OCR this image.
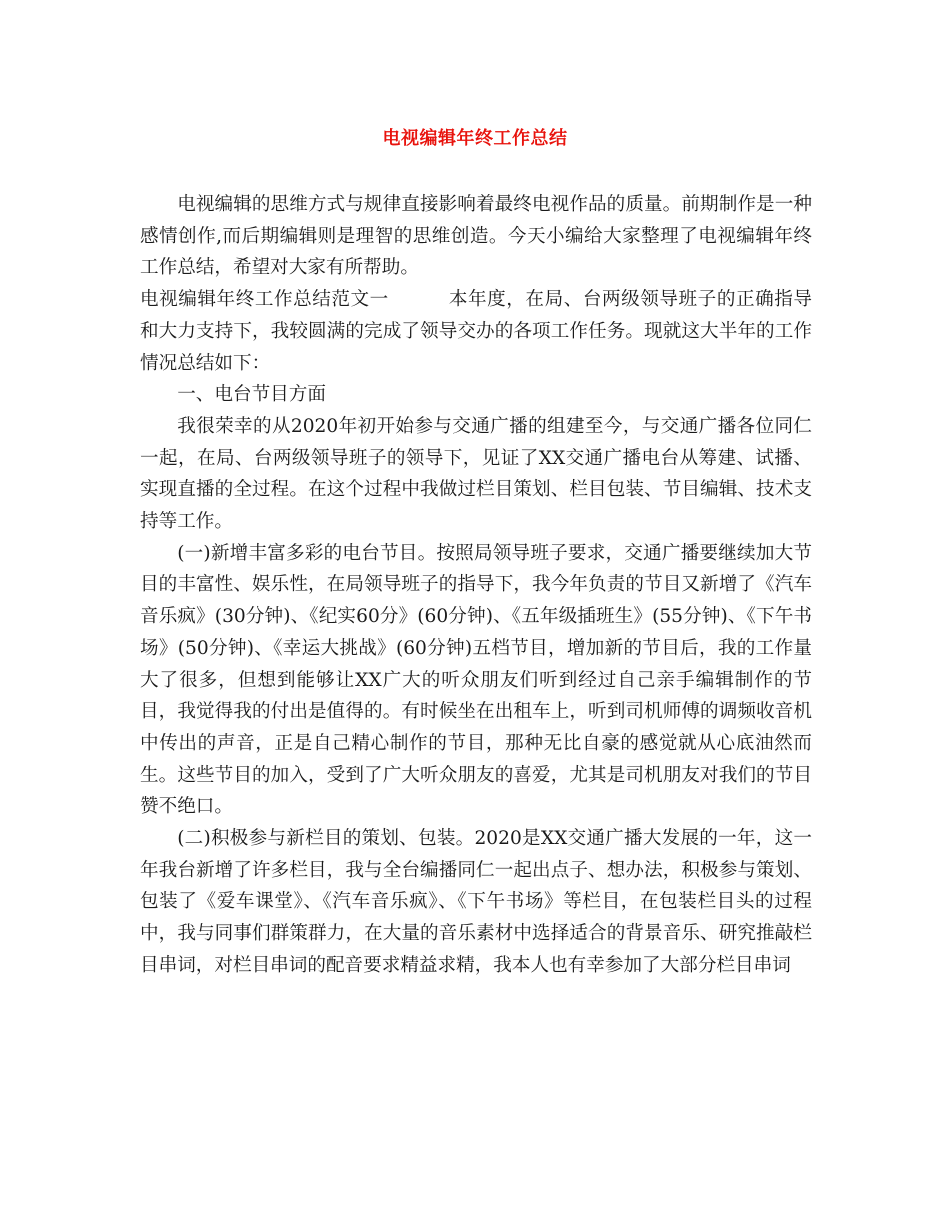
电视编辑年终工作总结

电视编辑的思维方式与规律直接影响着最终电视作品的质量。前期制作是一种感情创作,而后期编辑则是理智的思维创造。今天小编给大家整理了电视编辑年终工作总结，希望对大家有所帮助。

电视编辑年终工作总结范文一	本年度，在局、台两级领导班子的正确指导和大力支持下，我较圆满的完成了领导交办的各项工作任务。现就这大半年的工作情况总结如下：

一、电台节目方面

我很荣幸的从2020年初开始参与交通广播的组建至今，与交通广播各位同仁一起，在局、台两级领导班子的领导下，见证了XX交通广播电台从筹建、试播、实现直播的全过程。在这个过程中我做过栏目策划、栏目包装、节目编辑、技术支持等工作。

(一)新增丰富多彩的电台节目。按照局领导班子要求，交通广播要继续加大节目的丰富性、娱乐性，在局领导班子的指导下，我今年负责的节目又新增了《汽车音乐疯》(30分钟)、《纪实60分》(60分钟)、《五年级插班生》(55分钟)、《下午书场》(50分钟)、《幸运大挑战》(60分钟)五档节目，增加新的节目后，我的工作量大了很多，但想到能够让XX广大的听众朋友们听到经过自己亲手编辑制作的节目，我觉得我的付出是值得的。有时候坐在出租车上，听到司机师傅的调频收音机中传出的声音，正是自己精心制作的节目，那种无比自豪的感觉就从心底油然而生。这些节目的加入，受到了广大听众朋友的喜爱，尤其是司机朋友对我们的节目赞不绝口。

(二)积极参与新栏目的策划、包装。2020是XX交通广播大发展的一年，这一年我台新增了许多栏目，我与全台编播同仁一起出点子、想办法，积极参与策划、包装了《爱车课堂》、《汽车音乐疯》、《下午书场》等栏目，在包装栏目头的过程中，我与同事们群策群力，在大量的音乐素材中选择适合的背景音乐、研究推敲栏目串词，对栏目串词的配音要求精益求精，我本人也有幸参加了大部分栏目串词
